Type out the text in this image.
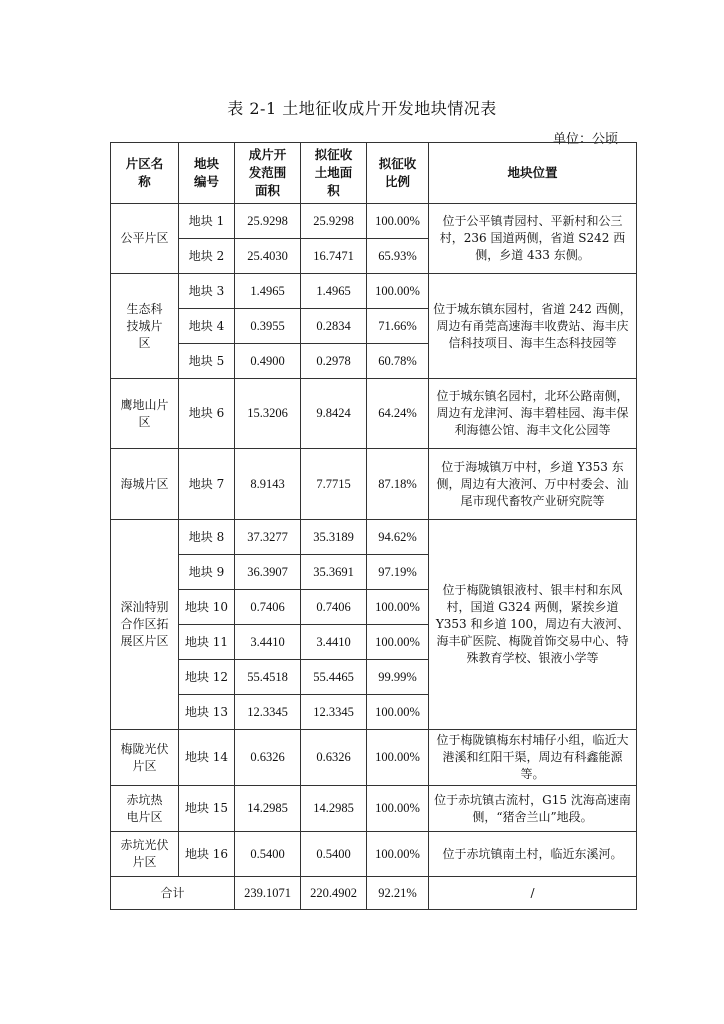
表 2-1 土地征收成片开发地块情况表
单位：公顷
片区名称	地块编号	成片开发范围面积	拟征收土地面积	拟征收比例	地块位置

公平片区	地块 1	25.9298	25.9298	100.00%	位于公平镇青园村、平新村和公三村，236 国道两侧，省道 S242 西侧，乡道 433 东侧。
	地块 2	25.4030	16.7471	65.93%	

生态科技城片区	地块 3	1.4965	1.4965	100.00%	位于城东镇东园村，省道 242 西侧，周边有甬莞高速海丰收费站、海丰庆信科技项目、海丰生态科技园等
	地块 4	0.3955	0.2834	71.66%	
	地块 5	0.4900	0.2978	60.78%	

鹰地山片区	地块 6	15.3206	9.8424	64.24%	位于城东镇名园村，北环公路南侧，周边有龙津河、海丰碧桂园、海丰保利海德公馆、海丰文化公园等

海城片区	地块 7	8.9143	7.7715	87.18%	位于海城镇万中村，乡道 Y353 东侧，周边有大液河、万中村委会、汕尾市现代畜牧产业研究院等

深汕特别合作区拓展区片区	地块 8	37.3277	35.3189	94.62%	位于梅陇镇银液村、银丰村和东风村，国道 G324 两侧，紧挨乡道 Y353 和乡道 100，周边有大液河、海丰矿医院、梅陇首饰交易中心、特殊教育学校、银液小学等
	地块 9	36.3907	35.3691	97.19%	
	地块 10	0.7406	0.7406	100.00%	
	地块 11	3.4410	3.4410	100.00%	
	地块 12	55.4518	55.4465	99.99%	
	地块 13	12.3345	12.3345	100.00%	

梅陇光伏片区	地块 14	0.6326	0.6326	100.00%	位于梅陇镇梅东村埔仔小组，临近大港溪和红阳干渠，周边有科鑫能源等。

赤坑热电片区	地块 15	14.2985	14.2985	100.00%	位于赤坑镇古流村，G15 沈海高速南侧，“猪舍兰山”地段。

赤坑光伏片区	地块 16	0.5400	0.5400	100.00%	位于赤坑镇南土村，临近东溪河。
合计		239.1071	220.4902	92.21%	/
